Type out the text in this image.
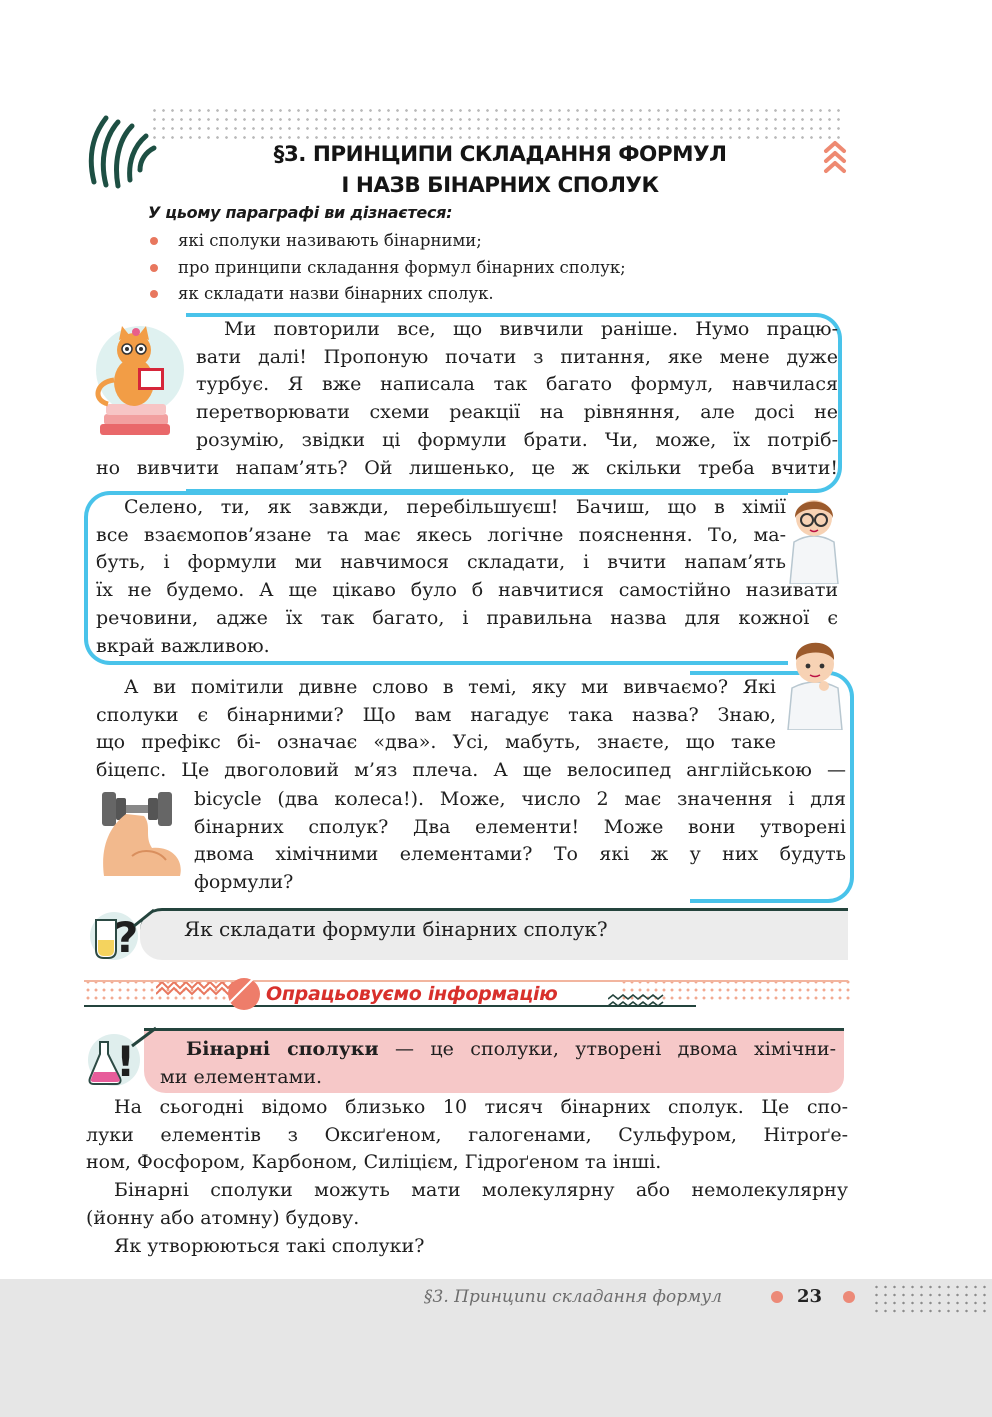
§3. ПРИНЦИПИ СКЛАДАННЯ ФОРМУЛ
І НАЗВ БІНАРНИХ СПОЛУК
У цьому параграфі ви дізнаєтеся:
які сполуки називають бінарними;
про принципи складання формул бінарних сполук;
як складати назви бінарних сполук.

Ми повторили все, що вивчили раніше. Нумо працю-

вати далі! Пропоную почати з питання, яке мене дуже

турбує. Я вже написала так багато формул, навчилася

перетворювати схеми реакції на рівняння, але досі не

розумію, звідки ці формули брати. Чи, може, їх потріб-

но вивчити напам’ять? Ой лишенько, це ж скільки треба вчити!

Селено, ти, як завжди, перебільшуєш! Бачиш, що в хімії

все взаємопов’язане та має якесь логічне пояснення. То, ма-

буть, і формули ми навчимося складати, і вчити напам’ять

їх не будемо. А ще цікаво було б навчитися самостійно називати

речовини, адже їх так багато, і правильна назва для кожної є

вкрай важливою.

А ви помітили дивне слово в темі, яку ми вивчаємо? Які

сполуки є бінарними? Що вам нагадує така назва? Знаю,

що префікс бі- означає «два». Усі, мабуть, знаєте, що таке

біцепс. Це двоголовий м’яз плеча. А ще велосипед англійською —

bicycle (два колеса!). Може, число 2 має значення і для

бінарних сполук? Два елементи! Може вони утворені

двома хімічними елементами? То які ж у них будуть

формули?

? Як складати формули бінарних сполук?
Опрацьовуємо інформацію
!	Бінарні сполуки — це сполуки, утворені двома хімічни-

ми елементами.

На сьогодні відомо близько 10 тисяч бінарних сполук. Це спо-

луки елементів з Оксиґеном, галогенами, Сульфуром, Нітроґе-

ном, Фосфором, Карбоном, Силіцієм, Гідроґеном та інші.

Бінарні сполуки можуть мати молекулярну або немолекулярну

(йонну або атомну) будову.

Як утворюються такі сполуки?

§3. Принципи складання формул	23
